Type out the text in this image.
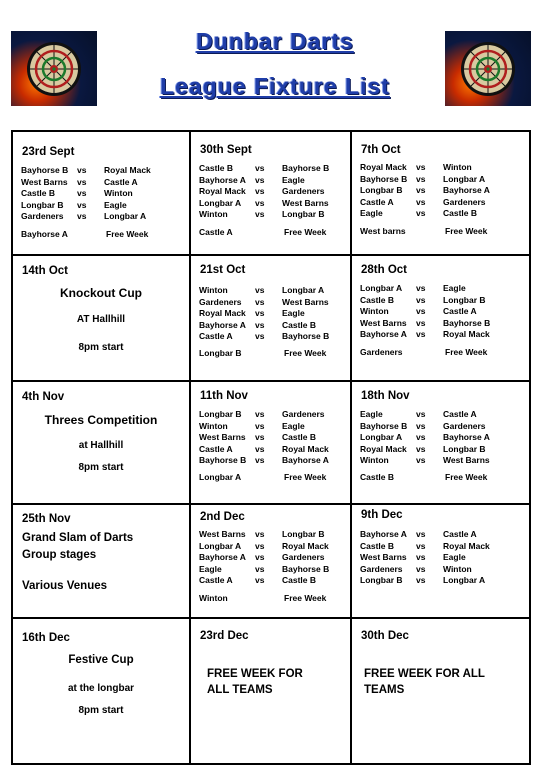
Dunbar Darts
League Fixture List
23rd Sept
Bayhorse B	vs	Royal Mack
West Barns	vs	Castle A
Castle B	vs	Winton
Longbar B	vs	Eagle
Gardeners	vs	Longbar A
Bayhorse A	Free Week
30th Sept
Castle B	vs	Bayhorse B
Bayhorse A	vs	Eagle
Royal Mack	vs	Gardeners
Longbar A	vs	West Barns
Winton	vs	Longbar B
Castle A	Free Week
7th Oct
Royal Mack	vs	Winton
Bayhorse B	vs	Longbar A
Longbar B	vs	Bayhorse A
Castle A	vs	Gardeners
Eagle	vs	Castle B
West barns	Free Week
14th Oct
Knockout Cup
AT Hallhill
8pm start
21st Oct
Winton	vs	Longbar A
Gardeners	vs	West Barns
Royal Mack	vs	Eagle
Bayhorse A	vs	Castle B
Castle A	vs	Bayhorse B
Longbar B	Free Week
28th Oct
Longbar A	vs	Eagle
Castle B	vs	Longbar B
Winton	vs	Castle A
West Barns	vs	Bayhorse B
Bayhorse A	vs	Royal Mack
Gardeners	Free Week
4th Nov
Threes Competition
at Hallhill
8pm start
11th Nov
Longbar B	vs	Gardeners
Winton	vs	Eagle
West Barns	vs	Castle B
Castle A	vs	Royal Mack
Bayhorse B	vs	Bayhorse A
Longbar A	Free Week
18th Nov
Eagle	vs	Castle A
Bayhorse B	vs	Gardeners
Longbar A	vs	Bayhorse A
Royal Mack	vs	Longbar B
Winton	vs	West Barns
Castle B	Free Week
25th Nov
Grand Slam of Darts
Group stages
Various Venues
2nd Dec
West Barns	vs	Longbar B
Longbar A	vs	Royal Mack
Bayhorse A	vs	Gardeners
Eagle	vs	Bayhorse B
Castle A	vs	Castle B
Winton	Free Week
9th Dec
Bayhorse A	vs	Castle A
Castle B	vs	Royal Mack
West Barns	vs	Eagle
Gardeners	vs	Winton
Longbar B	vs	Longbar A
16th Dec
Festive Cup
at the longbar
8pm start
23rd Dec
FREE WEEK FOR
ALL TEAMS
30th Dec
FREE WEEK FOR ALL
TEAMS
